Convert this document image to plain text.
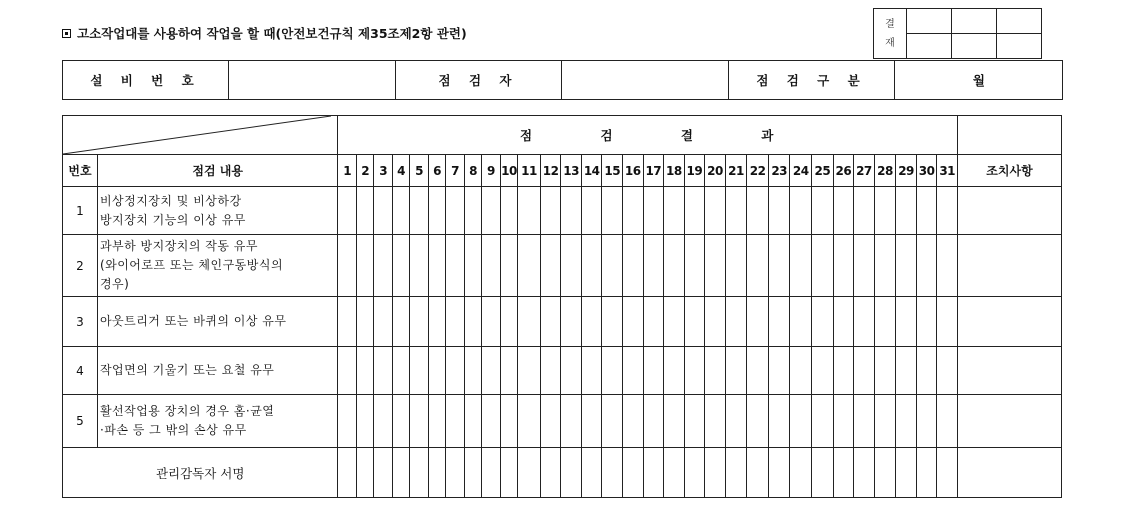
고소작업대를 사용하여 작업을 할 때(안전보건규칙 제35조제2항 관련)
결
재			

설 비 번 호		점 검 자		점 검 구 분	월
	점 검 결 과																															
번호	점검 내용	1	2	3	4	5	6	7	8	9	10	11	12	13	14	15	16	17	18	19	20	21	22	23	24	25	26	27	28	29	30	31	조치사항
1	비상정지장치 및 비상하강
방지장치 기능의 이상 유무																																

2	과부하 방지장치의 작동 유무
(와이어로프 또는 체인구동방식의
경우)																																

3	아웃트리거 또는 바퀴의 이상 유무																																

4	작업면의 기울기 또는 요철 유무																																

5	활선작업용 장치의 경우 홈·균열
·파손 등 그 밖의 손상 유무																																

관리감독자 서명																																	
